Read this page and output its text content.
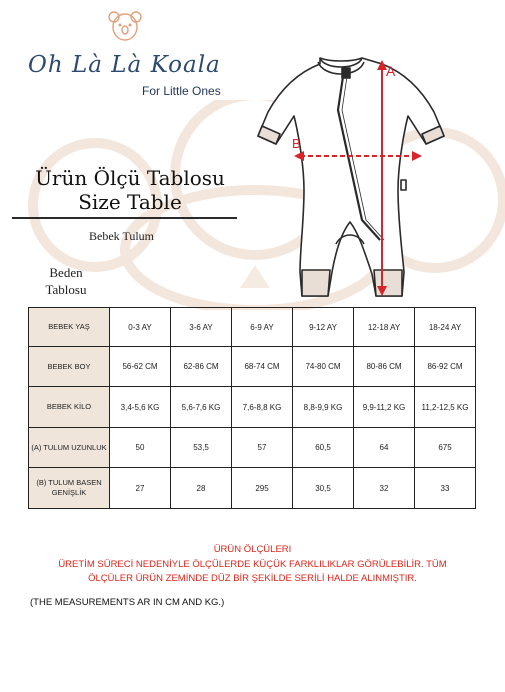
Oh Là Là Koala
For Little Ones
A
B
Ürün Ölçü Tablosu
Size Table
Bebek Tulum
Beden
Tablosu
BEBEK YAŞ	0-3 AY	3-6 AY	6-9 AY	9-12 AY	12-18 AY	18-24 AY
BEBEK BOY	56-62 CM	62-86 CM	68-74 CM	74-80 CM	80-86 CM	86-92 CM
BEBEK KİLO	3,4-5,6 KG	5,6-7,6 KG	7,6-8,8 KG	8,8-9,9 KG	9,9-11,2 KG	11,2-12,5 KG
(A) TULUM UZUNLUK	50	53,5	57	60,5	64	675
(B) TULUM BASEN GENİŞLİK	27	28	295	30,5	32	33
ÜRÜN ÖLÇÜLERI
ÜRETİM SÜRECİ NEDENİYLE ÖLÇÜLERDE KÜÇÜK FARKLILIKLAR GÖRÜLEBİLİR. TÜM
ÖLÇÜLER ÜRÜN ZEMİNDE DÜZ BİR ŞEKİLDE SERİLİ HALDE ALINMIŞTIR.
(THE MEASUREMENTS AR IN CM AND KG.)
